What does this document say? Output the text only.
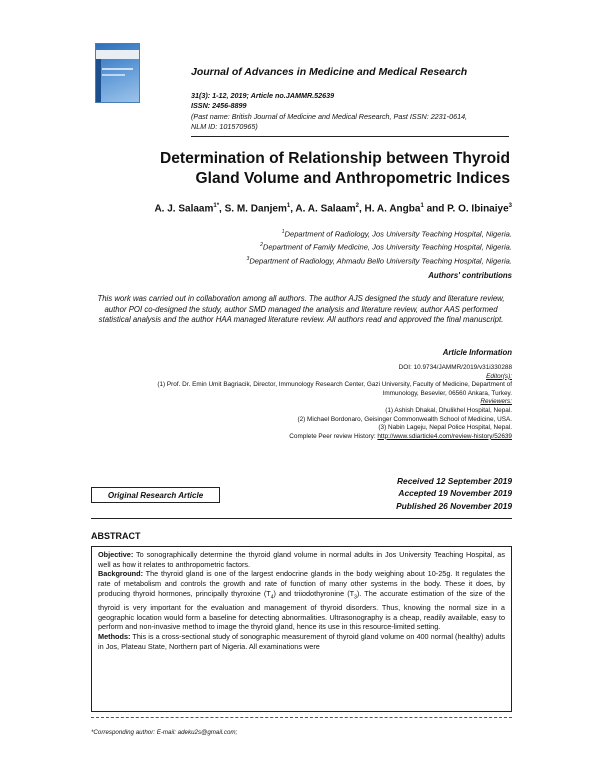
Journal of Advances in Medicine and Medical Research
31(3): 1-12, 2019; Article no.JAMMR.52639
ISSN: 2456-8899
(Past name: British Journal of Medicine and Medical Research, Past ISSN: 2231-0614,
NLM ID: 101570965)
Determination of Relationship between Thyroid
Gland Volume and Anthropometric Indices
A. J. Salaam$^{1*}$, S. M. Danjem$^1$, A. A. Salaam$^2$, H. A. Angba$^1$ and P. O. Ibinaiye$^3$
$^1$Department of Radiology, Jos University Teaching Hospital, Nigeria.
$^2$Department of Family Medicine, Jos University Teaching Hospital, Nigeria.
$^3$Department of Radiology, Ahmadu Bello University Teaching Hospital, Nigeria.
Authors' contributions
This work was carried out in collaboration among all authors. The author AJS designed the study and literature review, author POI co-designed the study, author SMD managed the analysis and literature review, author AAS performed statistical analysis and the author HAA managed literature review. All authors read and approved the final manuscript.
Article Information
DOI: 10.9734/JAMMR/2019/v31i330288
Editor(s):
(1) Prof. Dr. Emin Umit Bagriacik, Director, Immunology Research Center, Gazi University, Faculty of Medicine, Department of
Immunology, Besevler, 06560 Ankara, Turkey.
Reviewers:
(1) Ashish Dhakal, Dhulikhel Hospital, Nepal.
(2) Michael Bordonaro, Geisinger Commonwealth School of Medicine, USA.
(3) Nabin Lageju, Nepal Police Hospital, Nepal.
Complete Peer review History: http://www.sdiarticle4.com/review-history/52639
Received 12 September 2019
Accepted 19 November 2019
Published 26 November 2019
Original Research Article
ABSTRACT

Objective: To sonographically determine the thyroid gland volume in normal adults in Jos University Teaching Hospital, as well as how it relates to anthropometric factors.

Background: The thyroid gland is one of the largest endocrine glands in the body weighing about 10-25g. It regulates the rate of metabolism and controls the growth and rate of function of many other systems in the body. These it does, by producing thyroid hormones, principally thyroxine $(T_4)$ and triiodothyronine $(T_3)$. The accurate estimation of the size of the thyroid is very important for the evaluation and management of thyroid disorders. Thus, knowing the normal size in a geographic location would form a baseline for detecting abnormalities. Ultrasonography is a cheap, readily available, easy to perform and non-invasive method to image the thyroid gland, hence its use in this resource-limited setting.

Methods: This is a cross-sectional study of sonographic measurement of thyroid gland volume on 400 normal (healthy) adults in Jos, Plateau State, Northern part of Nigeria. All examinations were

*Corresponding author: E-mail: adeku2s@gmail.com;
